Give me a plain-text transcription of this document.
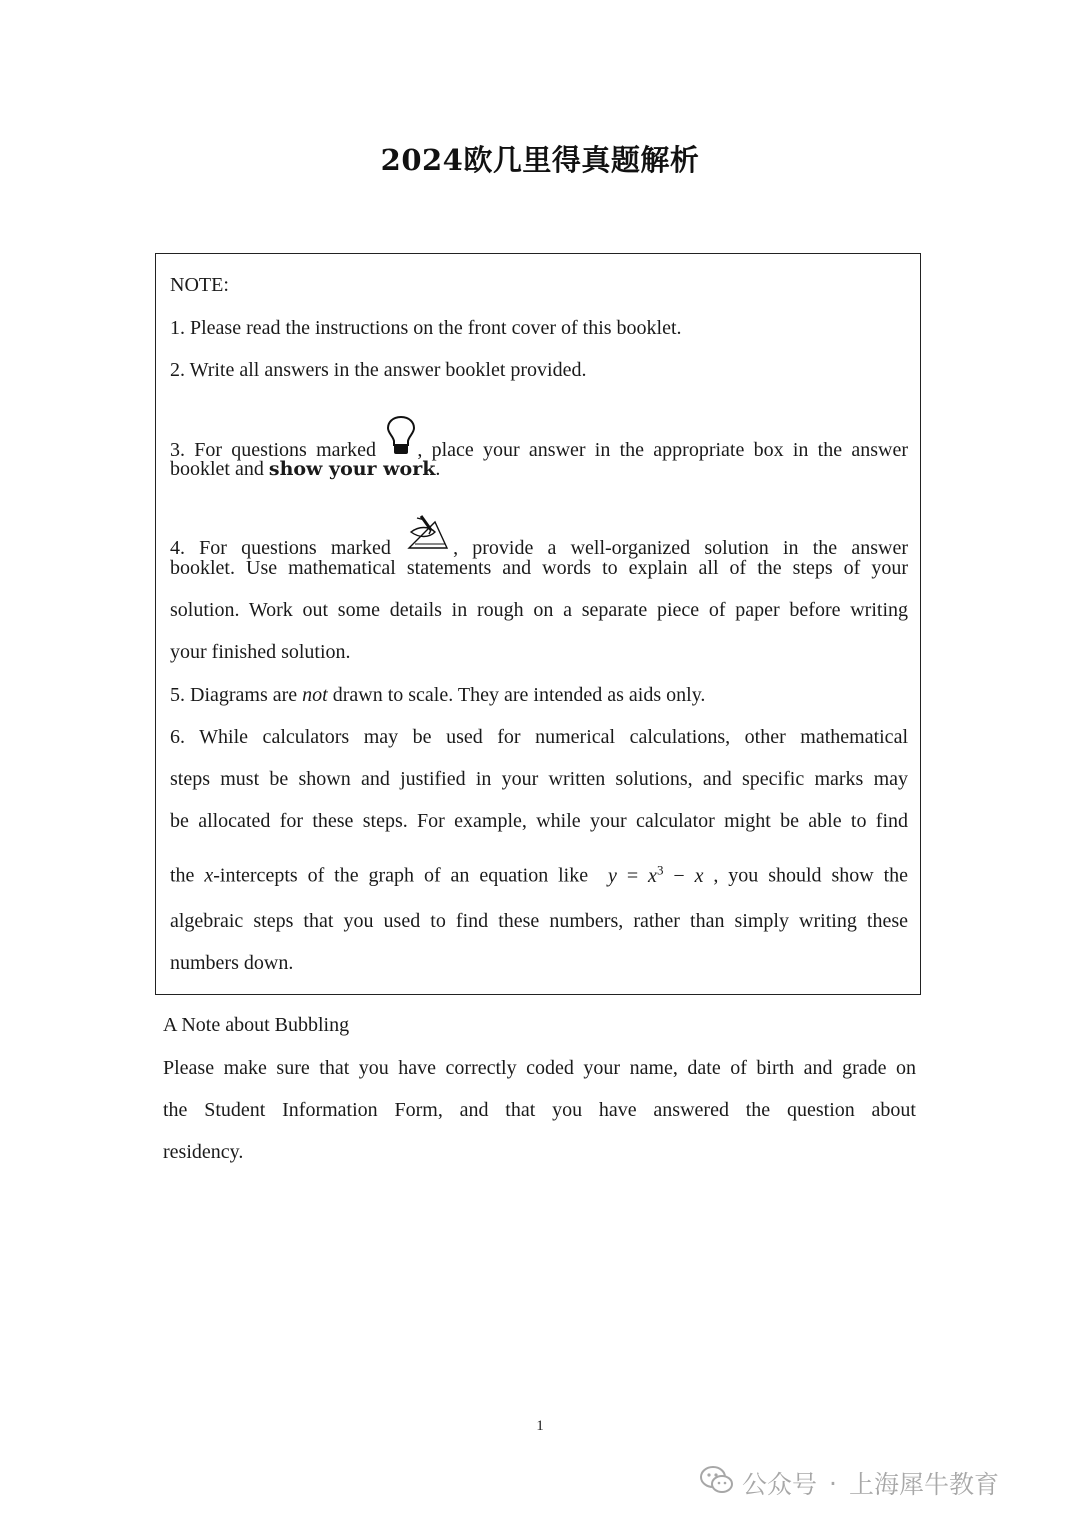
2024欧几里得真题解析
NOTE:
1. Please read the instructions on the front cover of this booklet.
2. Write all answers in the answer booklet provided.
3. For questions marked , place your answer in the appropriate box in the answer
booklet and show your work.
4. For questions marked	, provide a well-organized solution in the answer
booklet. Use mathematical statements and words to explain all of the steps of your
solution. Work out some details in rough on a separate piece of paper before writing
your finished solution.
5. Diagrams are not drawn to scale. They are intended as aids only.
6. While calculators may be used for numerical calculations, other mathematical
steps must be shown and justified in your written solutions, and specific marks may
be allocated for these steps. For example, while your calculator might be able to find
the x-intercepts of the graph of an equation like $y = x^3 - x$ , you should show the
algebraic steps that you used to find these numbers, rather than simply writing these
numbers down.
A Note about Bubbling
Please make sure that you have correctly coded your name, date of birth and grade on
the Student Information Form, and that you have answered the question about
residency.
1
公众号 · 上海犀牛教育
